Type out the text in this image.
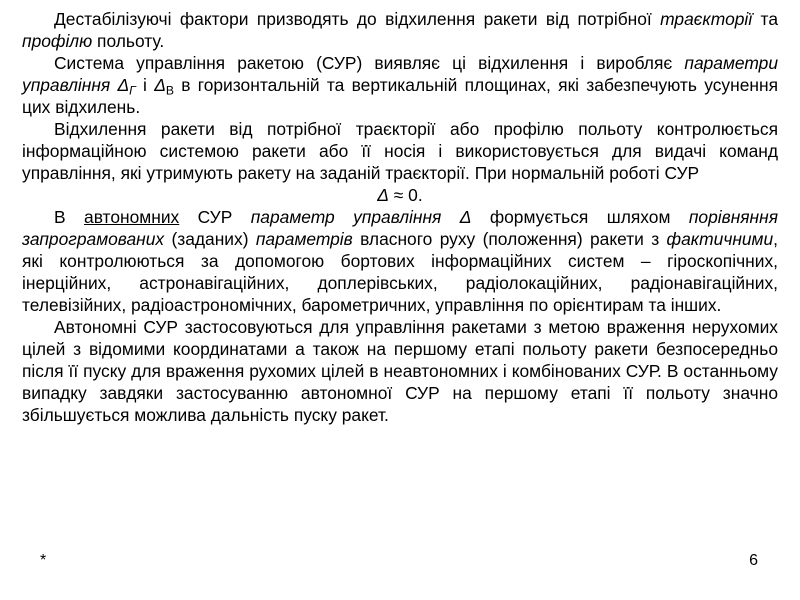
Дестабілізуючі фактори призводять до відхилення ракети від потрібної траєкторії та профілю польоту.

Система управління ракетою (СУР) виявляє ці відхилення і виробляє параметри управління $\Delta_Г$ і $\Delta_В$ в горизонтальній та вертикальній площинах, які забезпечують усунення цих відхилень.

Відхилення ракети від потрібної траєкторії або профілю польоту контролюється інформаційною системою ракети або її носія і використовується для видачі команд управління, які утримують ракету на заданій траєкторії. При нормальній роботі СУР

Δ ≈ 0.

В автономних СУР параметр управління Δ формується шляхом порівняння запрограмованих (заданих) параметрів власного руху (положення) ракети з фактичними, які контролюються за допомогою бортових інформаційних систем – гіроскопічних, інерційних, астронавігаційних, доплерівських, радіолокаційних, радіонавігаційних, телевізійних, радіоастрономічних, барометричних, управління по орієнтирам та інших.

Автономні СУР застосовуються для управління ракетами з метою враження нерухомих цілей з відомими координатами а також на першому етапі польоту ракети безпосередньо після її пуску для враження рухомих цілей в неавтономних і комбінованих СУР. В останньому випадку завдяки застосуванню автономної СУР на першому етапі її польоту значно збільшується можлива дальність пуску ракет.

*	6
